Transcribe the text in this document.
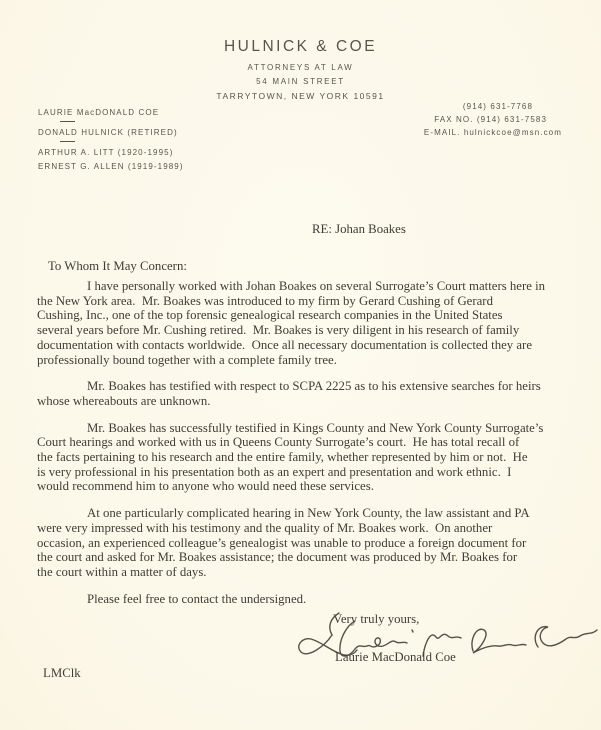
HULNICK & COE
ATTORNEYS AT LAW
54 MAIN STREET
TARRYTOWN, NEW YORK 10591
LAURIE MacDONALD COE
DONALD HULNICK (RETIRED)
ARTHUR A. LITT (1920-1995)
ERNEST G. ALLEN (1919-1989)
(914) 631-7768
FAX NO. (914) 631-7583
E-MAIL. hulnickcoe@msn.com
RE: Johan Boakes
To Whom It May Concern:
I have personally worked with Johan Boakes on several Surrogate’s Court matters here in
the New York area.  Mr. Boakes was introduced to my firm by Gerard Cushing of Gerard
Cushing, Inc., one of the top forensic genealogical research companies in the United States
several years before Mr. Cushing retired.  Mr. Boakes is very diligent in his research of family
documentation with contacts worldwide.  Once all necessary documentation is collected they are
professionally bound together with a complete family tree.
Mr. Boakes has testified with respect to SCPA 2225 as to his extensive searches for heirs
whose whereabouts are unknown.
Mr. Boakes has successfully testified in Kings County and New York County Surrogate’s
Court hearings and worked with us in Queens County Surrogate’s court.  He has total recall of
the facts pertaining to his research and the entire family, whether represented by him or not.  He
is very professional in his presentation both as an expert and presentation and work ethnic.  I
would recommend him to anyone who would need these services.
At one particularly complicated hearing in New York County, the law assistant and PA
were very impressed with his testimony and the quality of Mr. Boakes work.  On another
occasion, an experienced colleague’s genealogist was unable to produce a foreign document for
the court and asked for Mr. Boakes assistance; the document was produced by Mr. Boakes for
the court within a matter of days.
Please feel free to contact the undersigned.
Very truly yours,
Laurie MacDonald Coe
LMClk
